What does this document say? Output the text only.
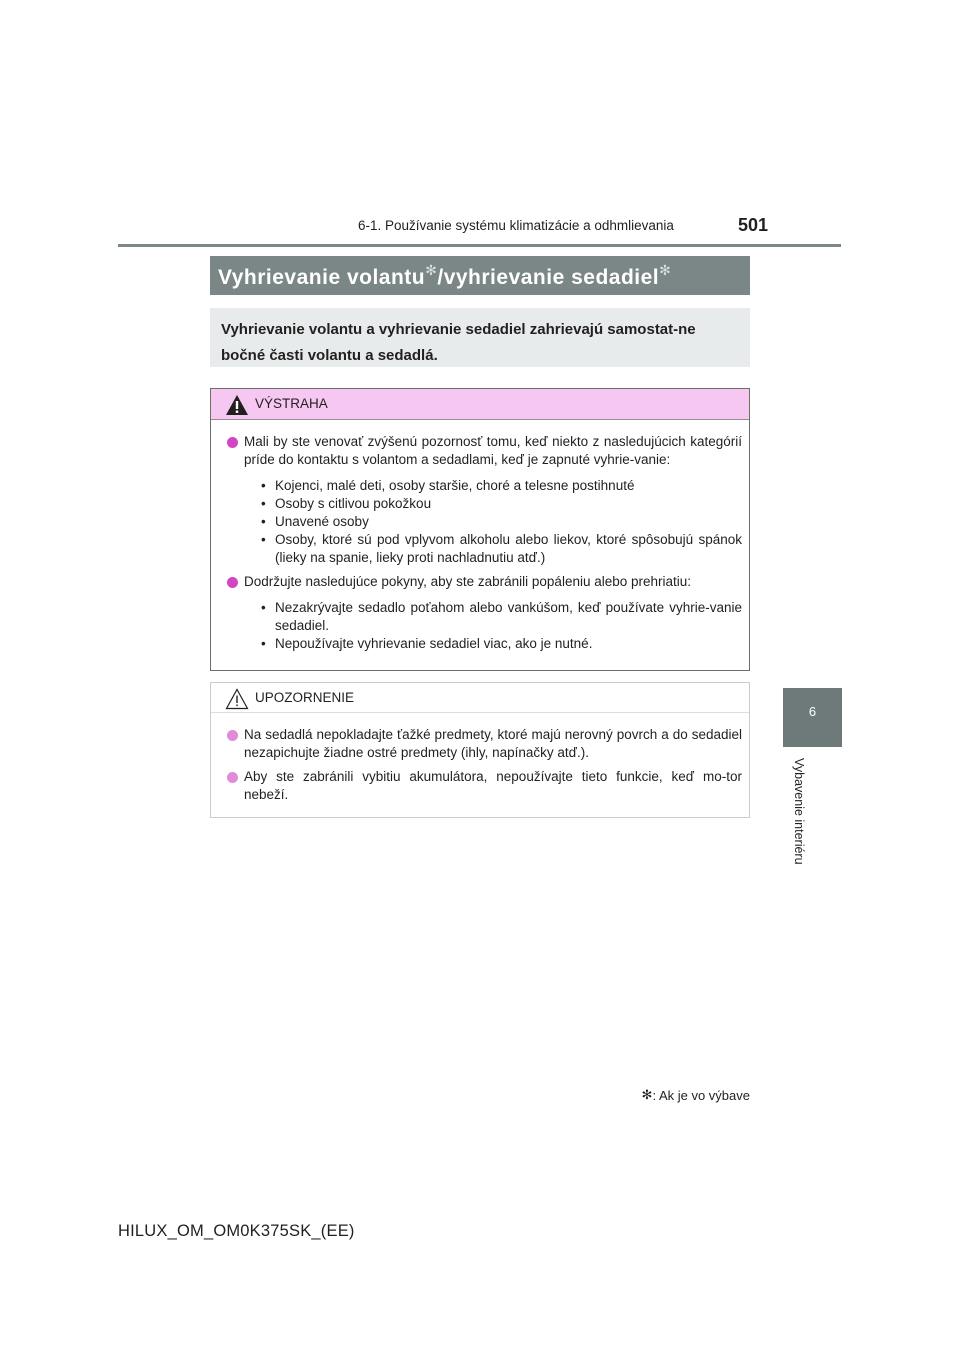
6-1. Používanie systému klimatizácie a odhmlievania	501
6
Vybavenie interiéru
Vyhrievanie volantu✻/vyhrievanie sedadiel✻
Vyhrievanie volantu a vyhrievanie sedadiel zahrievajú samostat-ne bočné časti volantu a sedadlá.
VÝSTRAHA
Mali by ste venovať zvýšenú pozornosť tomu, keď niekto z nasledujúcich kategórií príde do kontaktu s volantom a sedadlami, keď je zapnuté vyhrie-vanie:
• Kojenci, malé deti, osoby staršie, choré a telesne postihnuté
• Osoby s citlivou pokožkou
• Unavené osoby
• Osoby, ktoré sú pod vplyvom alkoholu alebo liekov, ktoré spôsobujú spánok (lieky na spanie, lieky proti nachladnutiu atď.)
Dodržujte nasledujúce pokyny, aby ste zabránili popáleniu alebo prehriatiu:
• Nezakrývajte sedadlo poťahom alebo vankúšom, keď používate vyhrie-vanie sedadiel.
• Nepoužívajte vyhrievanie sedadiel viac, ako je nutné.
UPOZORNENIE
Na sedadlá nepokladajte ťažké predmety, ktoré majú nerovný povrch a do sedadiel nezapichujte žiadne ostré predmety (ihly, napínačky atď.).
Aby ste zabránili vybitiu akumulátora, nepoužívajte tieto funkcie, keď mo-tor nebeží.
✻: Ak je vo výbave
HILUX_OM_OM0K375SK_(EE)
